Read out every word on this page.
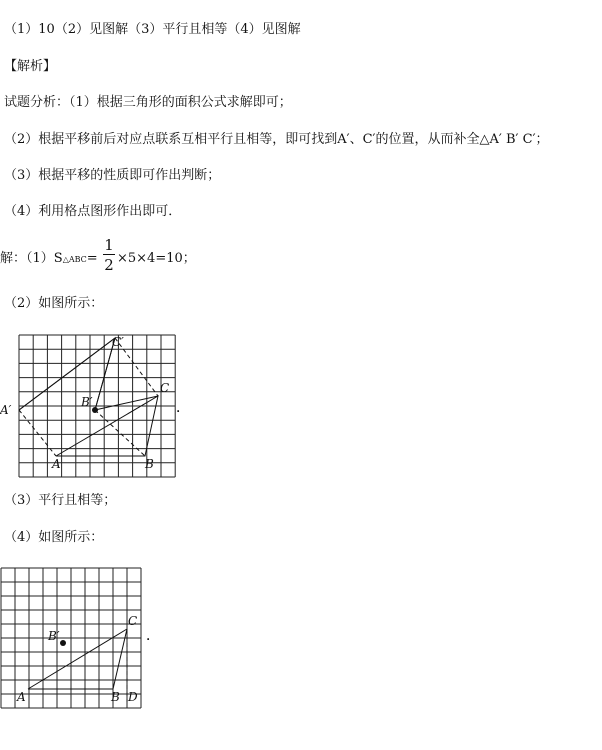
（1）10（2）见图解（3）平行且相等（4）见图解
【解析】
试题分析：（1）根据三角形的面积公式求解即可；
（2）根据平移前后对应点联系互相平行且相等，即可找到A′、C′的位置，从而补全△A′ B′ C′；
（3）根据平移的性质即可作出判断；
（4）利用格点图形作出即可．
解：（1）S△ABC=
1
2 ×5×4=10；
（2）如图所示：
A′
B′
C′
A	B
C
．
（3）平行且相等；
（4）如图所示：
B′
C
A	B D
．
